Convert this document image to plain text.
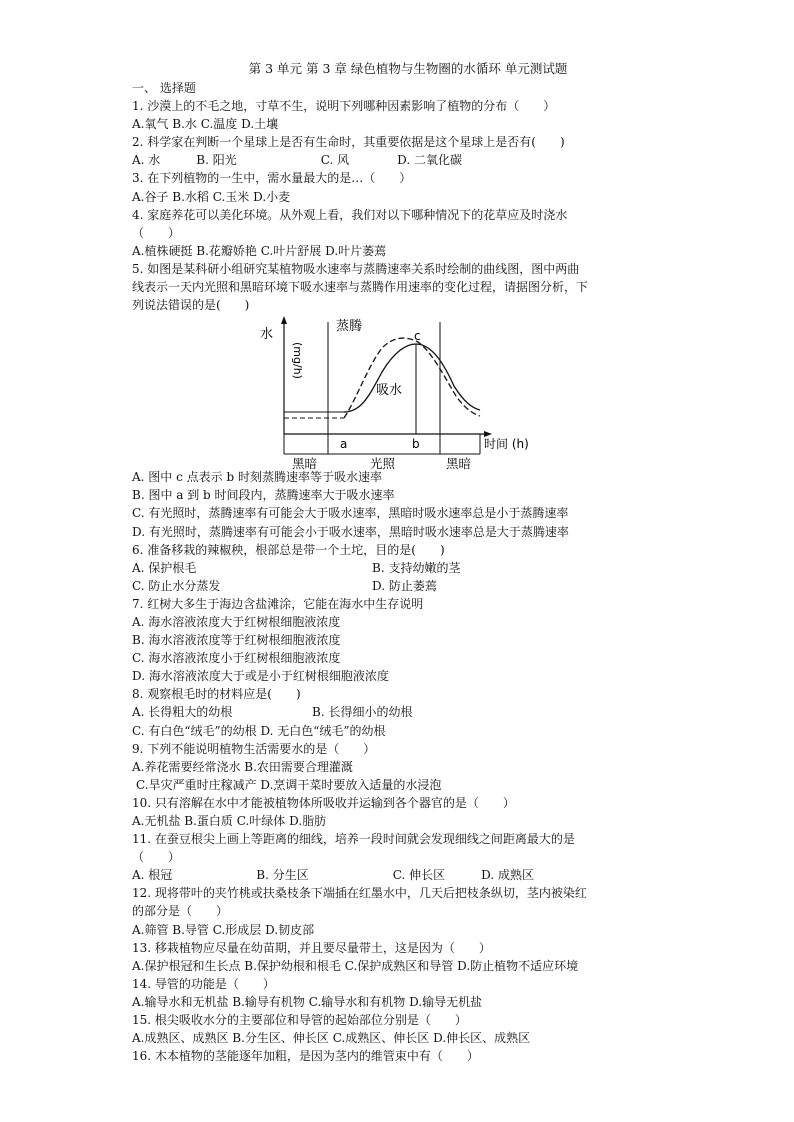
第 3 单元 第 3 章 绿色植物与生物圈的水循环 单元测试题
一、 选择题
1. 沙漠上的不毛之地，寸草不生，说明下列哪种因素影响了植物的分布（　　）
A.氧气 B.水 C.温度 D.土壤
2. 科学家在判断一个星球上是否有生命时，其重要依据是这个星球上是否有(　　)
A. 水　　　B. 阳光　　　　　　　C. 风　　　　D. 二氧化碳
3. 在下列植物的一生中，需水量最大的是…（　　）
A.谷子 B.水稻 C.玉米 D.小麦
4. 家庭养花可以美化环境。从外观上看，我们对以下哪种情况下的花草应及时浇水
（　　）
A.植株硬挺 B.花瓣娇艳 C.叶片舒展 D.叶片萎蔫
5. 如图是某科研小组研究某植物吸水速率与蒸腾速率关系时绘制的曲线图，图中两曲
线表示一天内光照和黑暗环境下吸水速率与蒸腾作用速率的变化过程，请据图分析，下
列说法错误的是(　　)
水
(mg/h)
蒸腾
吸水
c
a	b	时间 (h)
黑暗	光照	黑暗
A. 图中 c 点表示 b 时刻蒸腾速率等于吸水速率
B. 图中 a 到 b 时间段内，蒸腾速率大于吸水速率
C. 有光照时，蒸腾速率有可能会大于吸水速率，黑暗时吸水速率总是小于蒸腾速率
D. 有光照时，蒸腾速率有可能会小于吸水速率，黑暗时吸水速率总是大于蒸腾速率
6. 准备移栽的辣椒秧，根部总是带一个土坨，目的是(　　)
A. 保护根毛	B. 支持幼嫩的茎
C. 防止水分蒸发	D. 防止萎蔫
7. 红树大多生于海边含盐滩涂，它能在海水中生存说明
A. 海水溶液浓度大于红树根细胞液浓度
B. 海水溶液浓度等于红树根细胞液浓度
C. 海水溶液浓度小于红树根细胞液浓度
D. 海水溶液浓度大于或是小于红树根细胞液浓度
8. 观察根毛时的材料应是(　　)
A. 长得粗大的幼根	B. 长得细小的幼根
C. 有白色“绒毛”的幼根 D. 无白色“绒毛”的幼根
9. 下列不能说明植物生活需要水的是（　　）
A.养花需要经常浇水 B.农田需要合理灌溉
C.旱灾严重时庄稼减产 D.烹调干菜时要放入适量的水浸泡
10. 只有溶解在水中才能被植物体所吸收并运输到各个器官的是（　　）
A.无机盐 B.蛋白质 C.叶绿体 D.脂肪
11. 在蚕豆根尖上画上等距离的细线，培养一段时间就会发现细线之间距离最大的是
（　　）
A. 根冠　　　　　　　B. 分生区　　　　　　　C. 伸长区　　　D. 成熟区
12. 现将带叶的夹竹桃或扶桑枝条下端插在红墨水中，几天后把枝条纵切，茎内被染红
的部分是（　　）
A.筛管 B.导管 C.形成层 D.韧皮部
13. 移栽植物应尽量在幼苗期，并且要尽量带土，这是因为（　　）
A.保护根冠和生长点 B.保护幼根和根毛 C.保护成熟区和导管 D.防止植物不适应环境
14. 导管的功能是（　　）
A.输导水和无机盐 B.输导有机物 C.输导水和有机物 D.输导无机盐
15. 根尖吸收水分的主要部位和导管的起始部位分别是（　　）
A.成熟区、成熟区 B.分生区、伸长区 C.成熟区、伸长区 D.伸长区、成熟区
16. 木本植物的茎能逐年加粗，是因为茎内的维管束中有（　　）
